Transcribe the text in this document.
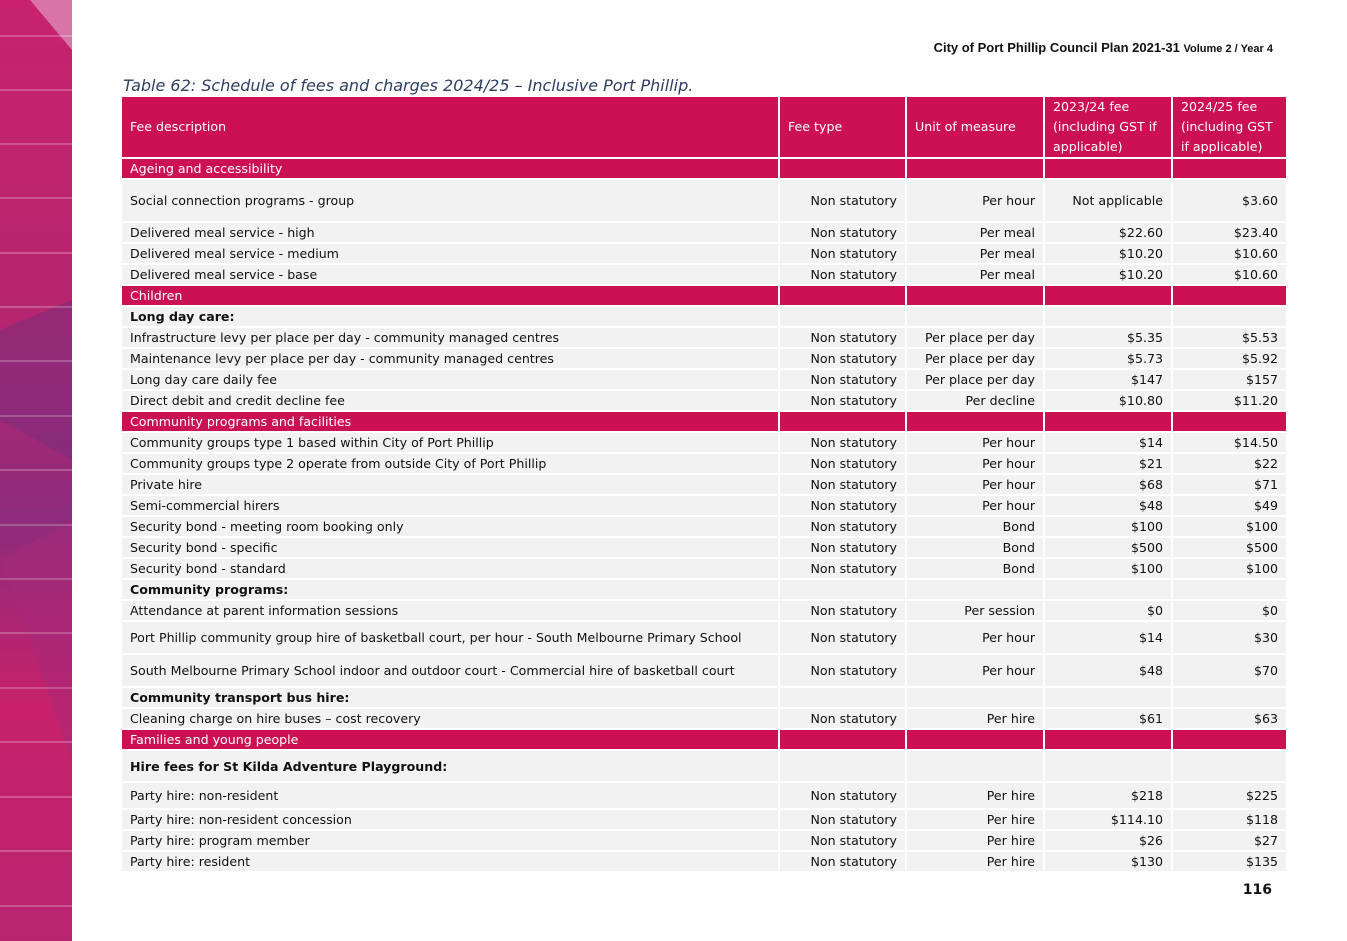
City of Port Phillip Council Plan 2021-31 Volume 2 / Year 4
Table 62: Schedule of fees and charges 2024/25 – Inclusive Port Phillip.
Fee description	Fee type	Unit of measure	2023/24 fee (including GST if applicable)	2024/25 fee (including GST if applicable)
Ageing and accessibility				
Social connection programs - group	Non statutory	Per hour	Not applicable	$3.60
Delivered meal service - high	Non statutory	Per meal	$22.60	$23.40
Delivered meal service - medium	Non statutory	Per meal	$10.20	$10.60
Delivered meal service - base	Non statutory	Per meal	$10.20	$10.60
Children				
Long day care:				
Infrastructure levy per place per day - community managed centres	Non statutory	Per place per day	$5.35	$5.53
Maintenance levy per place per day - community managed centres	Non statutory	Per place per day	$5.73	$5.92
Long day care daily fee	Non statutory	Per place per day	$147	$157
Direct debit and credit decline fee	Non statutory	Per decline	$10.80	$11.20
Community programs and facilities				
Community groups type 1 based within City of Port Phillip	Non statutory	Per hour	$14	$14.50
Community groups type 2 operate from outside City of Port Phillip	Non statutory	Per hour	$21	$22
Private hire	Non statutory	Per hour	$68	$71
Semi-commercial hirers	Non statutory	Per hour	$48	$49
Security bond - meeting room booking only	Non statutory	Bond	$100	$100
Security bond - specific	Non statutory	Bond	$500	$500
Security bond - standard	Non statutory	Bond	$100	$100
Community programs:				
Attendance at parent information sessions	Non statutory	Per session	$0	$0
Port Phillip community group hire of basketball court, per hour - South Melbourne Primary School	Non statutory	Per hour	$14	$30
South Melbourne Primary School indoor and outdoor court - Commercial hire of basketball court	Non statutory	Per hour	$48	$70
Community transport bus hire:				
Cleaning charge on hire buses – cost recovery	Non statutory	Per hire	$61	$63
Families and young people				
Hire fees for St Kilda Adventure Playground:				
Party hire: non-resident	Non statutory	Per hire	$218	$225
Party hire: non-resident concession	Non statutory	Per hire	$114.10	$118
Party hire: program member	Non statutory	Per hire	$26	$27
Party hire: resident	Non statutory	Per hire	$130	$135
116
